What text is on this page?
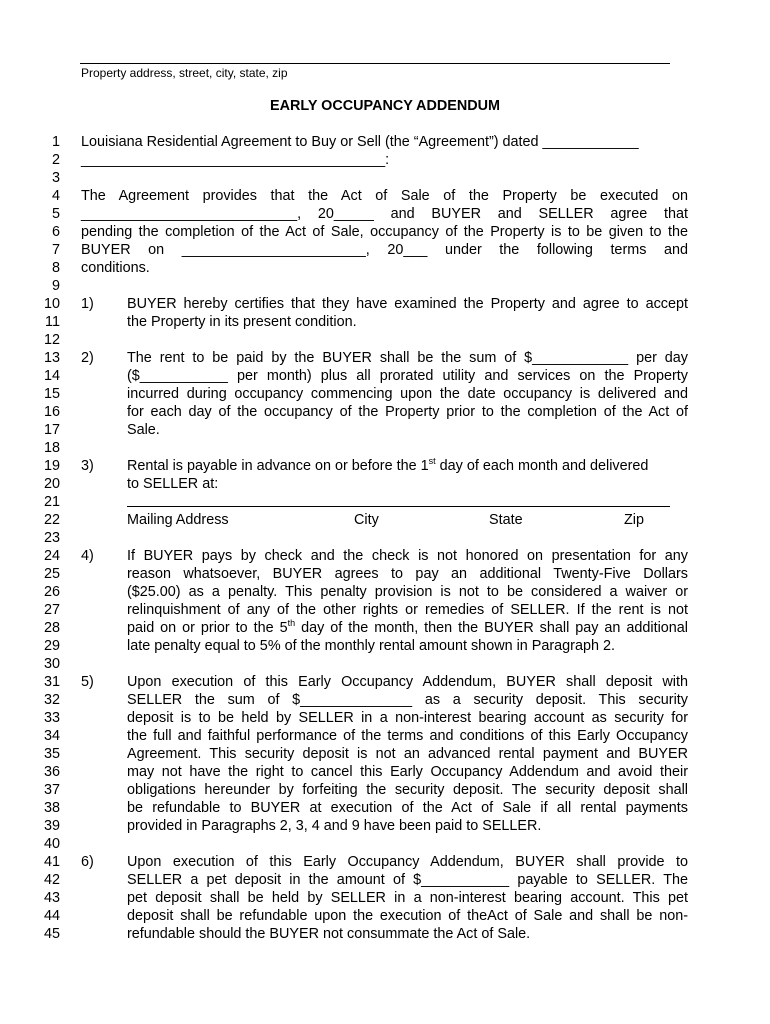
Property address, street, city, state, zip
EARLY OCCUPANCY ADDENDUM
1
2
3
4
5
6
7
8
9
10
11
12
13
14
15
16
17
18
19
20
21
22
23
24
25
26
27
28
29
30
31
32
33
34
35
36
37
38
39
40
41
42
43
44
45
Louisiana Residential Agreement to Buy or Sell (the “Agreement”) dated ____________
______________________________________:
The Agreement provides that the Act of Sale of the Property be executed on
___________________________, 20_____ and BUYER and SELLER agree that
pending the completion of the Act of Sale, occupancy of the Property is to be given to the
BUYER on _______________________, 20___ under the following terms and
conditions.
1) BUYER hereby certifies that they have examined the Property and agree to accept
the Property in its present condition.
2) The rent to be paid by the BUYER shall be the sum of $____________ per day
($___________ per month) plus all prorated utility and services on the Property
incurred during occupancy commencing upon the date occupancy is delivered and
for each day of the occupancy of the Property prior to the completion of the Act of
Sale.
3) Rental is payable in advance on or before the 1st day of each month and delivered
to SELLER at:
Mailing Address	City	State	Zip
4) If BUYER pays by check and the check is not honored on presentation for any
reason whatsoever, BUYER agrees to pay an additional Twenty-Five Dollars
($25.00) as a penalty. This penalty provision is not to be considered a waiver or
relinquishment of any of the other rights or remedies of SELLER. If the rent is not
paid on or prior to the 5th day of the month, then the BUYER shall pay an additional
late penalty equal to 5% of the monthly rental amount shown in Paragraph 2.
5) Upon execution of this Early Occupancy Addendum, BUYER shall deposit with
SELLER the sum of $______________ as a security deposit. This security
deposit is to be held by SELLER in a non-interest bearing account as security for
the full and faithful performance of the terms and conditions of this Early Occupancy
Agreement. This security deposit is not an advanced rental payment and BUYER
may not have the right to cancel this Early Occupancy Addendum and avoid their
obligations hereunder by forfeiting the security deposit. The security deposit shall
be refundable to BUYER at execution of the Act of Sale if all rental payments
provided in Paragraphs 2, 3, 4 and 9 have been paid to SELLER.
6) Upon execution of this Early Occupancy Addendum, BUYER shall provide to
SELLER a pet deposit in the amount of $___________ payable to SELLER. The
pet deposit shall be held by SELLER in a non-interest bearing account. This pet
deposit shall be refundable upon the execution of theAct of Sale and shall be non-
refundable should the BUYER not consummate the Act of Sale.
